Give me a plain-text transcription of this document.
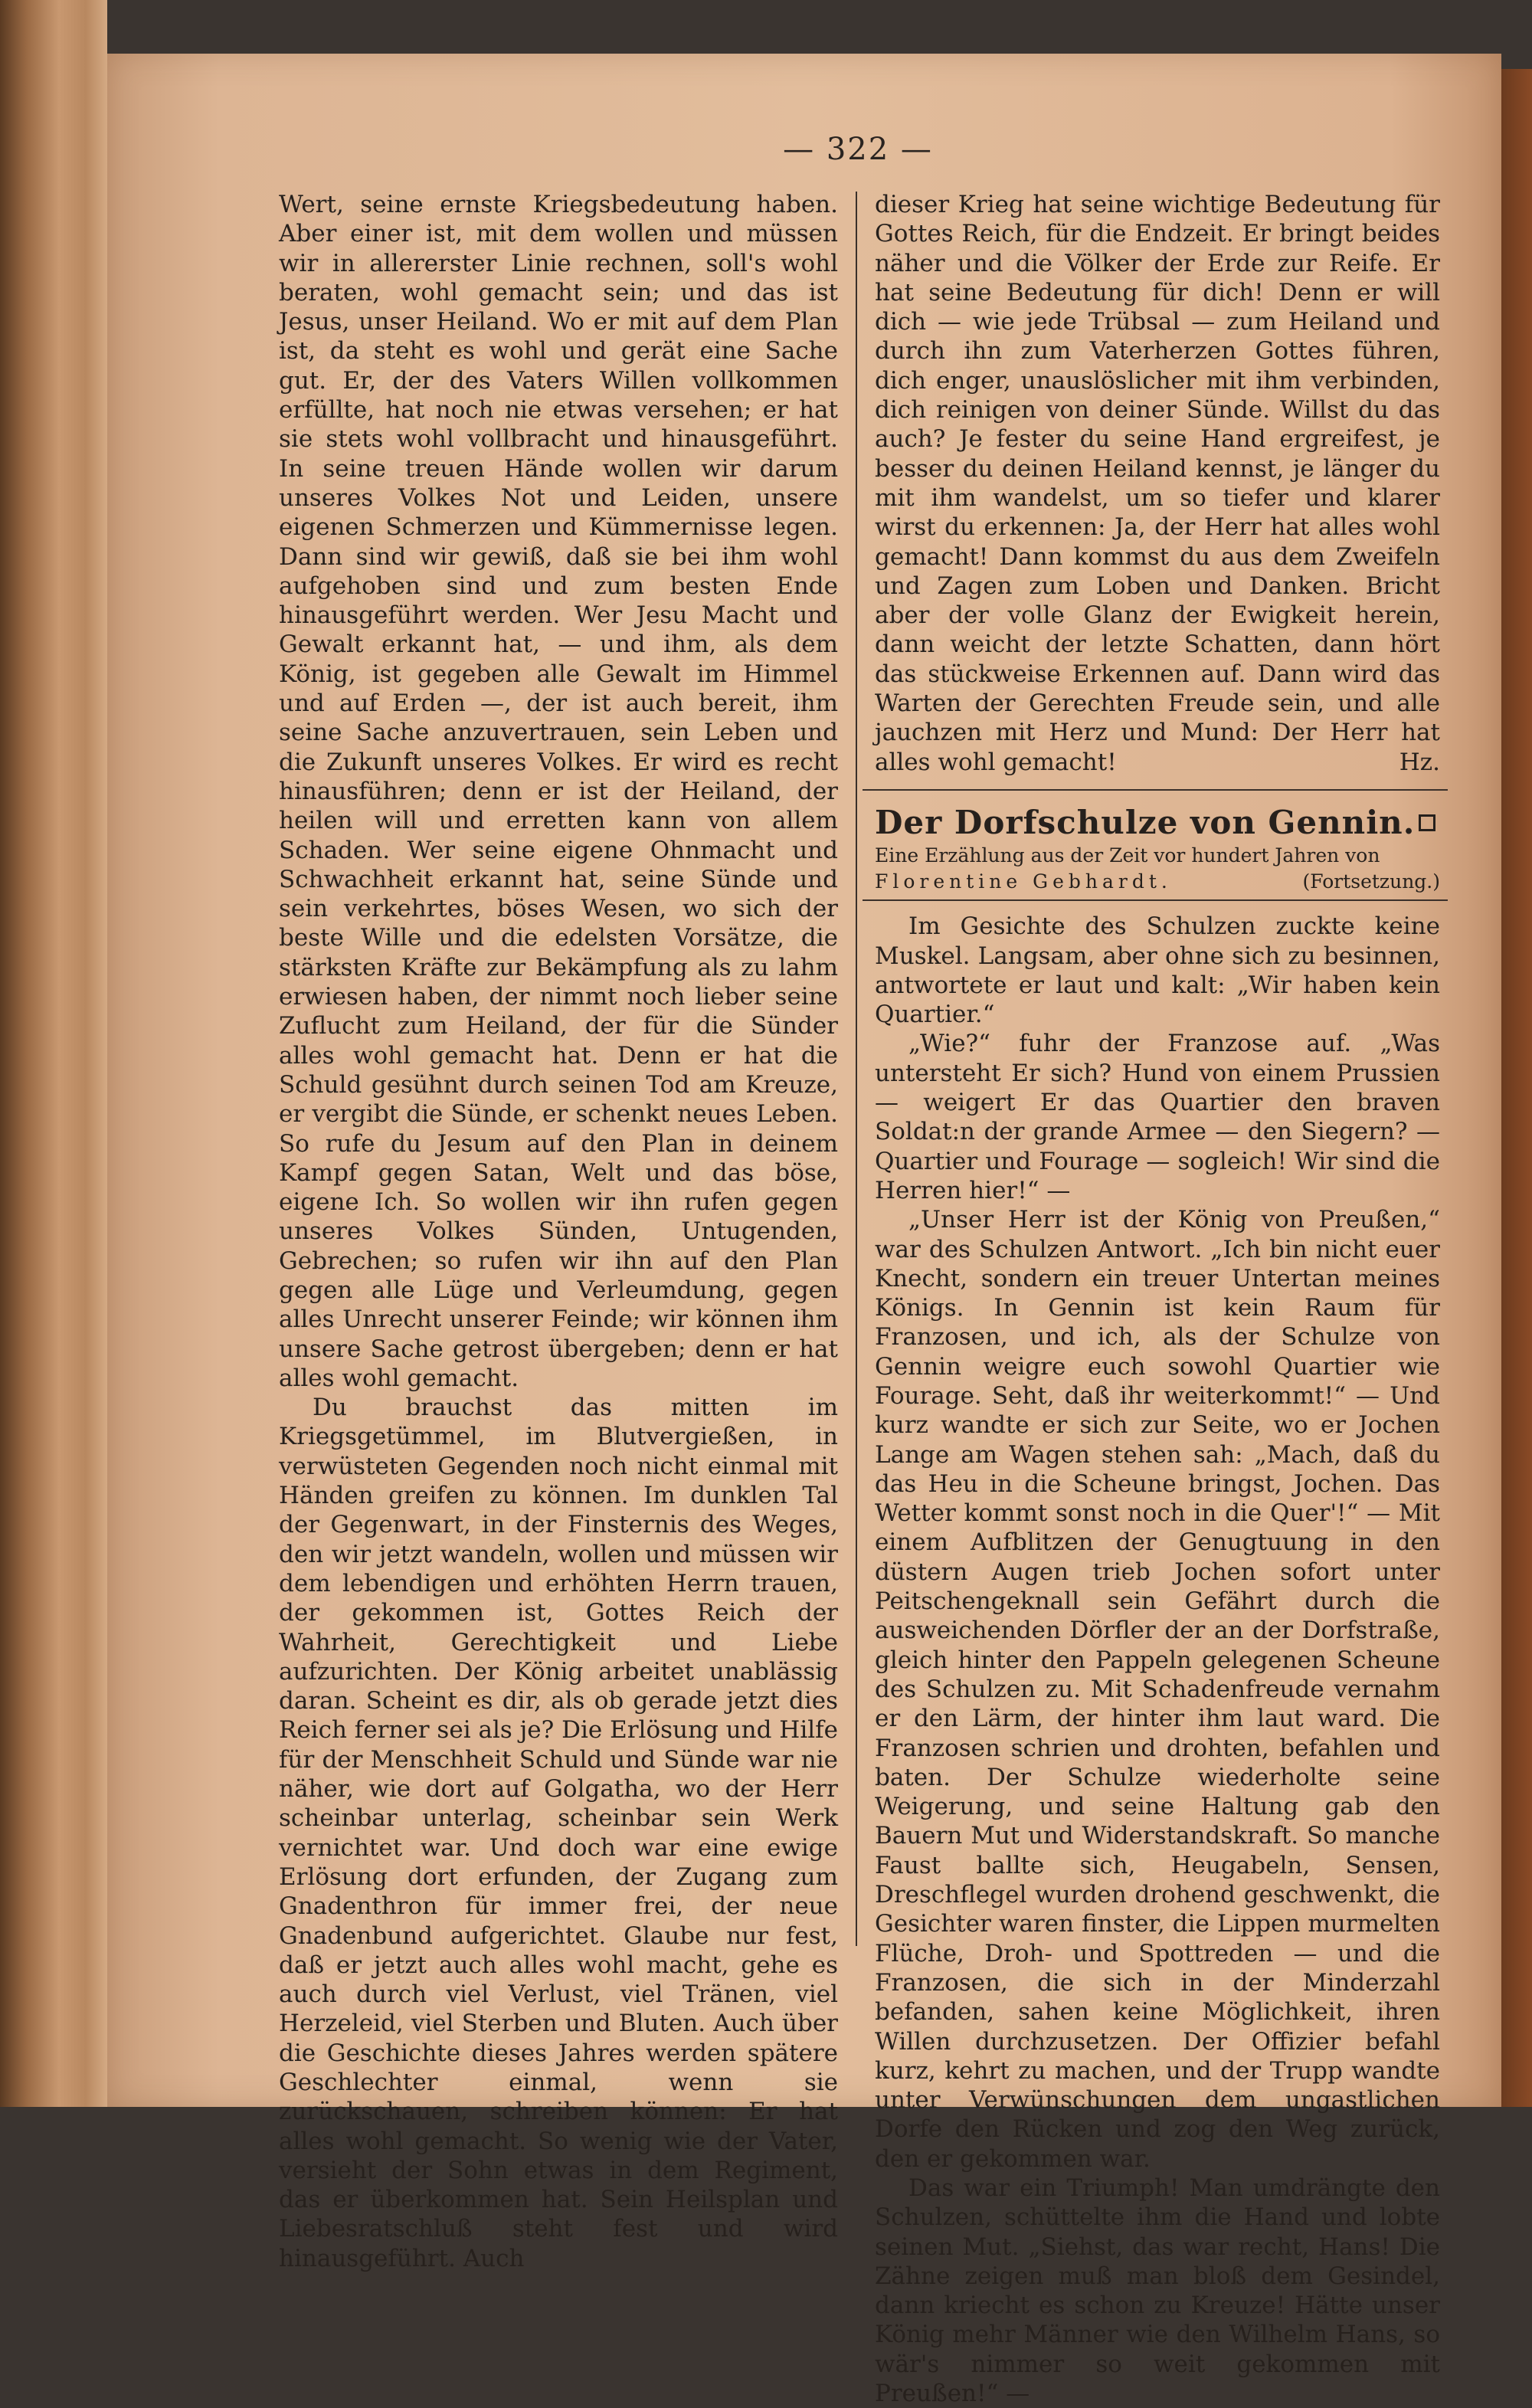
— 322 —

Wert, seine ernste Kriegsbedeutung haben. Aber einer ist, mit dem wollen und müssen wir in allererster Linie rechnen, soll's wohl beraten, wohl gemacht sein; und das ist Jesus, unser Heiland. Wo er mit auf dem Plan ist, da steht es wohl und gerät eine Sache gut. Er, der des Vaters Willen vollkommen erfüllte, hat noch nie etwas versehen; er hat sie stets wohl vollbracht und hinausgeführt. In seine treuen Hände wollen wir darum unseres Volkes Not und Leiden, unsere eigenen Schmerzen und Kümmernisse legen. Dann sind wir gewiß, daß sie bei ihm wohl aufgehoben sind und zum besten Ende hinausgeführt werden. Wer Jesu Macht und Gewalt erkannt hat, — und ihm, als dem König, ist gegeben alle Gewalt im Himmel und auf Erden —, der ist auch bereit, ihm seine Sache anzuvertrauen, sein Leben und die Zukunft unseres Volkes. Er wird es recht hinausführen; denn er ist der Heiland, der heilen will und erretten kann von allem Schaden. Wer seine eigene Ohnmacht und Schwachheit erkannt hat, seine Sünde und sein verkehrtes, böses Wesen, wo sich der beste Wille und die edelsten Vorsätze, die stärksten Kräfte zur Bekämpfung als zu lahm erwiesen haben, der nimmt noch lieber seine Zuflucht zum Heiland, der für die Sünder alles wohl gemacht hat. Denn er hat die Schuld gesühnt durch seinen Tod am Kreuze, er vergibt die Sünde, er schenkt neues Leben. So rufe du Jesum auf den Plan in deinem Kampf gegen Satan, Welt und das böse, eigene Ich. So wollen wir ihn rufen gegen unseres Volkes Sünden, Untugenden, Gebrechen; so rufen wir ihn auf den Plan gegen alle Lüge und Verleumdung, gegen alles Unrecht unserer Feinde; wir können ihm unsere Sache getrost übergeben; denn er hat alles wohl gemacht.

Du brauchst das mitten im Kriegsgetümmel, im Blutvergießen, in verwüsteten Gegenden noch nicht einmal mit Händen greifen zu können. Im dunklen Tal der Gegenwart, in der Finsternis des Weges, den wir jetzt wandeln, wollen und müssen wir dem lebendigen und erhöhten Herrn trauen, der gekommen ist, Gottes Reich der Wahrheit, Gerechtigkeit und Liebe aufzurichten. Der König arbeitet unablässig daran. Scheint es dir, als ob gerade jetzt dies Reich ferner sei als je? Die Erlösung und Hilfe für der Menschheit Schuld und Sünde war nie näher, wie dort auf Golgatha, wo der Herr scheinbar unterlag, scheinbar sein Werk vernichtet war. Und doch war eine ewige Erlösung dort erfunden, der Zugang zum Gnadenthron für immer frei, der neue Gnadenbund aufgerichtet. Glaube nur fest, daß er jetzt auch alles wohl macht, gehe es auch durch viel Verlust, viel Tränen, viel Herzeleid, viel Sterben und Bluten. Auch über die Geschichte dieses Jahres werden spätere Geschlechter einmal, wenn sie zurückschauen, schreiben können: Er hat alles wohl gemacht. So wenig wie der Vater, versieht der Sohn etwas in dem Regiment, das er überkommen hat. Sein Heilsplan und Liebesratschluß steht fest und wird hinausgeführt. Auch

dieser Krieg hat seine wichtige Bedeutung für Gottes Reich, für die Endzeit. Er bringt beides näher und die Völker der Erde zur Reife. Er hat seine Bedeutung für dich! Denn er will dich — wie jede Trübsal — zum Heiland und durch ihn zum Vaterherzen Gottes führen, dich enger, unauslöslicher mit ihm verbinden, dich reinigen von deiner Sünde. Willst du das auch? Je fester du seine Hand ergreifest, je besser du deinen Heiland kennst, je länger du mit ihm wandelst, um so tiefer und klarer wirst du erkennen: Ja, der Herr hat alles wohl gemacht! Dann kommst du aus dem Zweifeln und Zagen zum Loben und Danken. Bricht aber der volle Glanz der Ewigkeit herein, dann weicht der letzte Schatten, dann hört das stückweise Erkennen auf. Dann wird das Warten der Gerechten Freude sein, und alle jauchzen mit Herz und Mund: Der Herr hat alles wohl gemacht!	Hz.

Der Dorfschulze von Gennin.
Eine Erzählung aus der Zeit vor hundert Jahren von
Florentine Gebhardt.	(Fortsetzung.)

Im Gesichte des Schulzen zuckte keine Muskel. Langsam, aber ohne sich zu besinnen, antwortete er laut und kalt: „Wir haben kein Quartier.“

„Wie?“ fuhr der Franzose auf. „Was untersteht Er sich? Hund von einem Prussien — weigert Er das Quartier den braven Soldat:n der grande Armee — den Siegern? — Quartier und Fourage — sogleich! Wir sind die Herren hier!“ —

„Unser Herr ist der König von Preußen,“ war des Schulzen Antwort. „Ich bin nicht euer Knecht, sondern ein treuer Untertan meines Königs. In Gennin ist kein Raum für Franzosen, und ich, als der Schulze von Gennin weigre euch sowohl Quartier wie Fourage. Seht, daß ihr weiterkommt!“ — Und kurz wandte er sich zur Seite, wo er Jochen Lange am Wagen stehen sah: „Mach, daß du das Heu in die Scheune bringst, Jochen. Das Wetter kommt sonst noch in die Quer'!“ — Mit einem Aufblitzen der Genugtuung in den düstern Augen trieb Jochen sofort unter Peitschengeknall sein Gefährt durch die ausweichenden Dörfler der an der Dorfstraße, gleich hinter den Pappeln gelegenen Scheune des Schulzen zu. Mit Schadenfreude vernahm er den Lärm, der hinter ihm laut ward. Die Franzosen schrien und drohten, befahlen und baten. Der Schulze wiederholte seine Weigerung, und seine Haltung gab den Bauern Mut und Widerstandskraft. So manche Faust ballte sich, Heugabeln, Sensen, Dreschflegel wurden drohend geschwenkt, die Gesichter waren finster, die Lippen murmelten Flüche, Droh- und Spottreden — und die Franzosen, die sich in der Minderzahl befanden, sahen keine Möglichkeit, ihren Willen durchzusetzen. Der Offizier befahl kurz, kehrt zu machen, und der Trupp wandte unter Verwünschungen dem ungastlichen Dorfe den Rücken und zog den Weg zurück, den er gekommen war.

Das war ein Triumph! Man umdrängte den Schulzen, schüttelte ihm die Hand und lobte seinen Mut. „Siehst, das war recht, Hans! Die Zähne zeigen muß man bloß dem Gesindel, dann kriecht es schon zu Kreuze! Hätte unser König mehr Männer wie den Wilhelm Hans, so wär's nimmer so weit gekommen mit Preußen!“ —
